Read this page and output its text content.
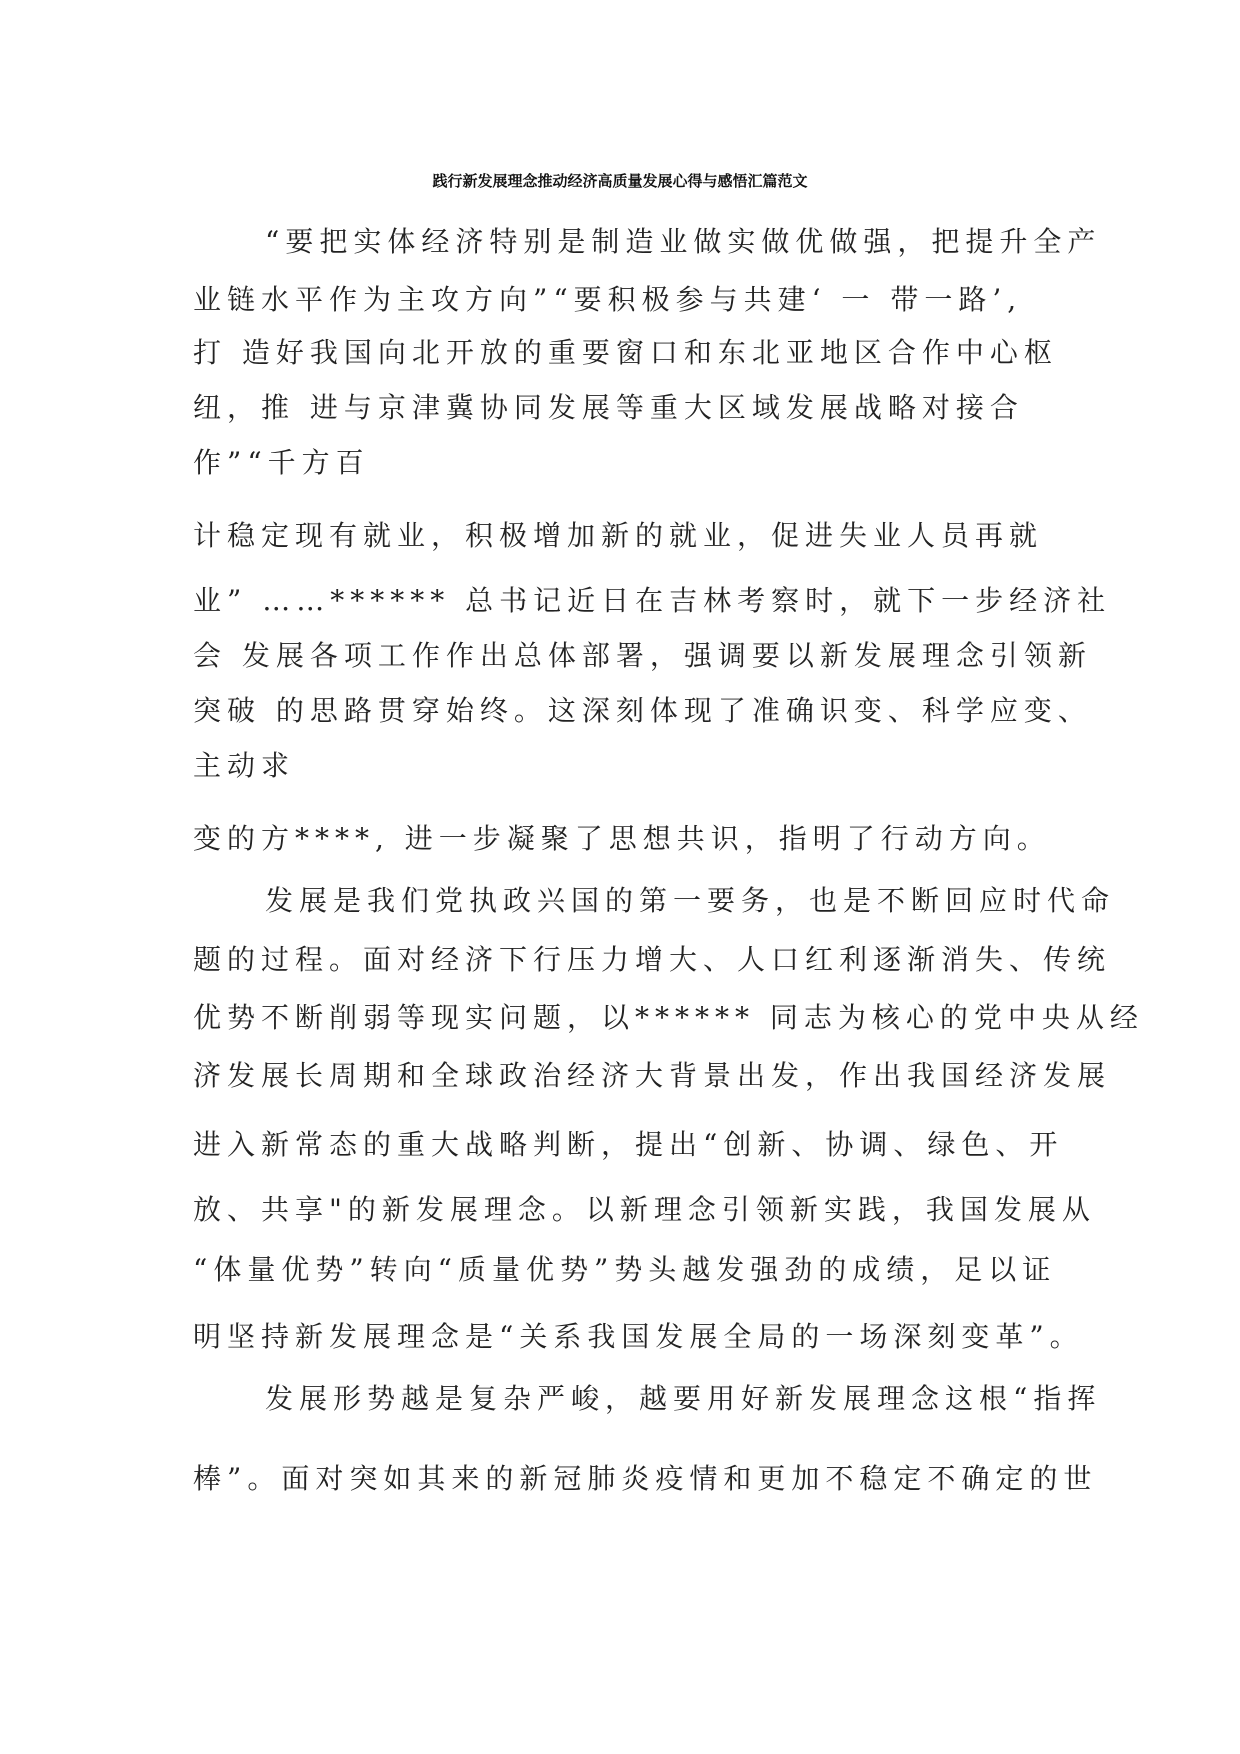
践行新发展理念推动经济高质量发展心得与感悟汇篇范文

“要把实体经济特别是制造业做实做优做强，把提升全产

业链水平作为主攻方向”“要积极参与共建‘ 一 带一路’,

打 造好我国向北开放的重要窗口和东北亚地区合作中心枢

纽，推 进与京津冀协同发展等重大区域发展战略对接合

作”“千方百

计稳定现有就业，积极增加新的就业，促进失业人员再就

业” ……****** 总书记近日在吉林考察时，就下一步经济社

会 发展各项工作作出总体部署，强调要以新发展理念引领新

突破 的思路贯穿始终。这深刻体现了准确识变、科学应变、

主动求

变的方****, 进一步凝聚了思想共识，指明了行动方向。

发展是我们党执政兴国的第一要务，也是不断回应时代命

题的过程。面对经济下行压力增大、人口红利逐渐消失、传统

优势不断削弱等现实问题，以****** 同志为核心的党中央从经

济发展长周期和全球政治经济大背景出发，作出我国经济发展

进入新常态的重大战略判断，提出“创新、协调、绿色、开

放、共享"的新发展理念。以新理念引领新实践，我国发展从

“体量优势”转向“质量优势”势头越发强劲的成绩，足以证

明坚持新发展理念是“关系我国发展全局的一场深刻变革”。

发展形势越是复杂严峻，越要用好新发展理念这根“指挥

棒”。面对突如其来的新冠肺炎疫情和更加不稳定不确定的世
